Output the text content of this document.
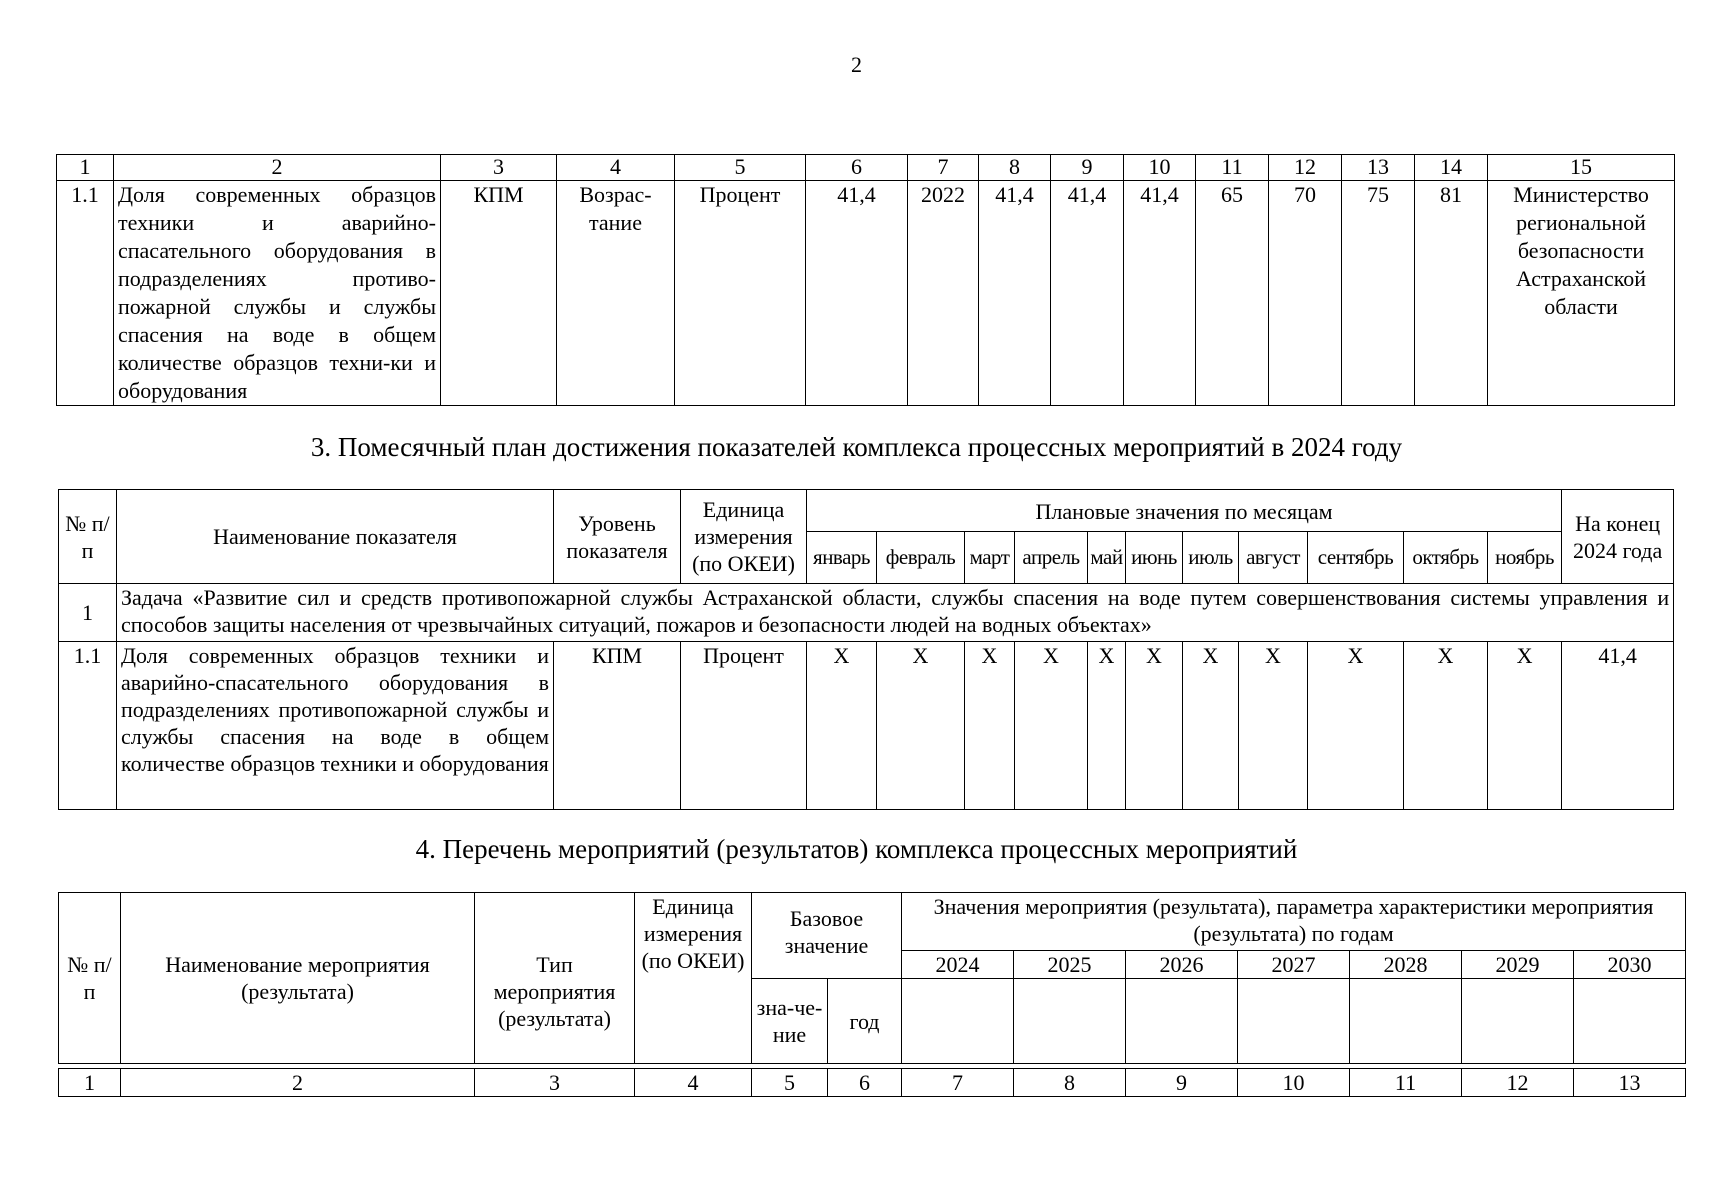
2
1	2	3	4	5	6	7	8	9	10	11	12	13	14	15
1.1	Доля современных образцов техники и аварийно-спасательного оборудования в подразделениях противо-пожарной службы и службы спасения на воде в общем количестве образцов техни-ки и оборудования	КПМ	Возрас-тание	Процент	41,4	2022	41,4	41,4	41,4	65	70	75	81	Министерство региональной безопасности Астраханской области
3. Помесячный план достижения показателей комплекса процессных мероприятий в 2024 году
№ п/п	Наименование показателя	Уровень показателя	Единица измерения (по ОКЕИ)	Плановые значения по месяцам											На конец 2024 года
				январь	февраль	март	апрель	май	июнь	июль	август	сентябрь	октябрь	ноябрь	
1	Задача «Развитие сил и средств противопожарной службы Астраханской области, службы спасения на воде путем совершенствования системы управления и способов защиты населения от чрезвычайных ситуаций, пожаров и безопасности людей на водных объектах»														
1.1	Доля современных образцов техники и аварийно-спасательного оборудования в подразделениях противопожарной службы и службы спасения на воде в общем количестве образцов техники и оборудования	КПМ	Процент	X	X	X	X	X	X	X	X	X	X	X	41,4
4. Перечень мероприятий (результатов) комплекса процессных мероприятий
№ п/п	Наименование мероприятия (результата)	Тип мероприятия (результата)	Единица измерения (по ОКЕИ)	Базовое значение		Значения мероприятия (результата), параметра характеристики мероприятия (результата) по годам						
						2024	2025	2026	2027	2028	2029	2030
				зна-че-ние	год							

1	2	3	4	5	6	7	8	9	10	11	12	13
